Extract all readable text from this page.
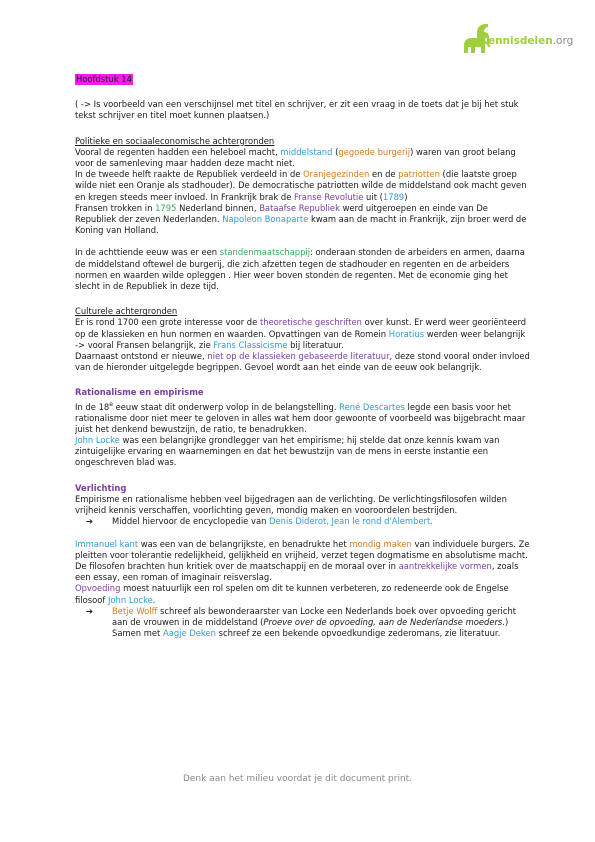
Kennisdelen.org

Hoofdstuk 14

( -> Is voorbeeld van een verschijnsel met titel en schrijver, er zit een vraag in de toets dat je bij het stuk tekst schrijver en titel moet kunnen plaatsen.)

Politieke en sociaaleconomische achtergronden

Vooral de regenten hadden een heleboel macht, middelstand (gegoede burgerij) waren van groot belang voor de samenleving maar hadden deze macht niet.
In de tweede helft raakte de Republiek verdeeld in de Oranjegezinden en de patriotten (die laatste groep wilde niet een Oranje als stadhouder). De democratische patriotten wilde de middelstand ook macht geven en kregen steeds meer invloed. In Frankrijk brak de Franse Revolutie uit (1789)
Fransen trokken in 1795 Nederland binnen, Bataafse Republiek werd uitgeroepen en einde van De Republiek der zeven Nederlanden. Napoleon Bonaparte kwam aan de macht in Frankrijk, zijn broer werd de Koning van Holland.
In de achttiende eeuw was er een standenmaatschappij: onderaan stonden de arbeiders en armen, daarna de middelstand oftewel de burgerij, die zich afzetten tegen de stadhouder en regenten en de arbeiders normen en waarden wilde opleggen . Hier weer boven stonden de regenten. Met de economie ging het slecht in de Republiek in deze tijd.

Culturele achtergronden

Er is rond 1700 een grote interesse voor de theoretische geschriften over kunst. Er werd weer georiënteerd op de klassieken en hun normen en waarden. Opvattingen van de Romein Horatius werden weer belangrijk -> vooral Fransen belangrijk, zie Frans Classicisme bij literatuur.
Daarnaast ontstond er nieuwe, niet op de klassieken gebaseerde literatuur, deze stond vooral onder invloed van de hieronder uitgelegde begrippen. Gevoel wordt aan het einde van de eeuw ook belangrijk.

Rationalisme en empirisme

In de 18e eeuw staat dit onderwerp volop in de belangstelling. René Descartes legde een basis voor het rationalisme door niet meer te geloven in alles wat hem door gewoonte of voorbeeld was bijgebracht maar juist het denkend bewustzijn, de ratio, te benadrukken.
John Locke was een belangrijke grondlegger van het empirisme; hij stelde dat onze kennis kwam van zintuigelijke ervaring en waarnemingen en dat het bewustzijn van de mens in eerste instantie een ongeschreven blad was.

Verlichting

Empirisme en rationalisme hebben veel bijgedragen aan de verlichting. De verlichtingsfilosofen wilden vrijheid kennis verschaffen, voorlichting geven, mondig maken en vooroordelen bestrijden.
➔ Middel hiervoor de encyclopedie van Denis Diderot, Jean le rond d'Alembert.
Immanuel kant was een van de belangrijkste, en benadrukte het mondig maken van individuele burgers. Ze pleitten voor tolerantie redelijkheid, gelijkheid en vrijheid, verzet tegen dogmatisme en absolutisme macht. De filosofen brachten hun kritiek over de maatschappij en de moraal over in aantrekkelijke vormen, zoals een essay, een roman of imaginair reisverslag.
Opvoeding moest natuurlijk een rol spelen om dit te kunnen verbeteren, zo redeneerde ook de Engelse filosoof John Locke.
➔ Betje Wolff schreef als bewonderaarster van Locke een Nederlands boek over opvoeding gericht aan de vrouwen in de middelstand (Proeve over de opvoeding, aan de Nederlandse moeders.) Samen met Aagje Deken schreef ze een bekende opvoedkundige zederomans, zie literatuur.
Denk aan het milieu voordat je dit document print.
